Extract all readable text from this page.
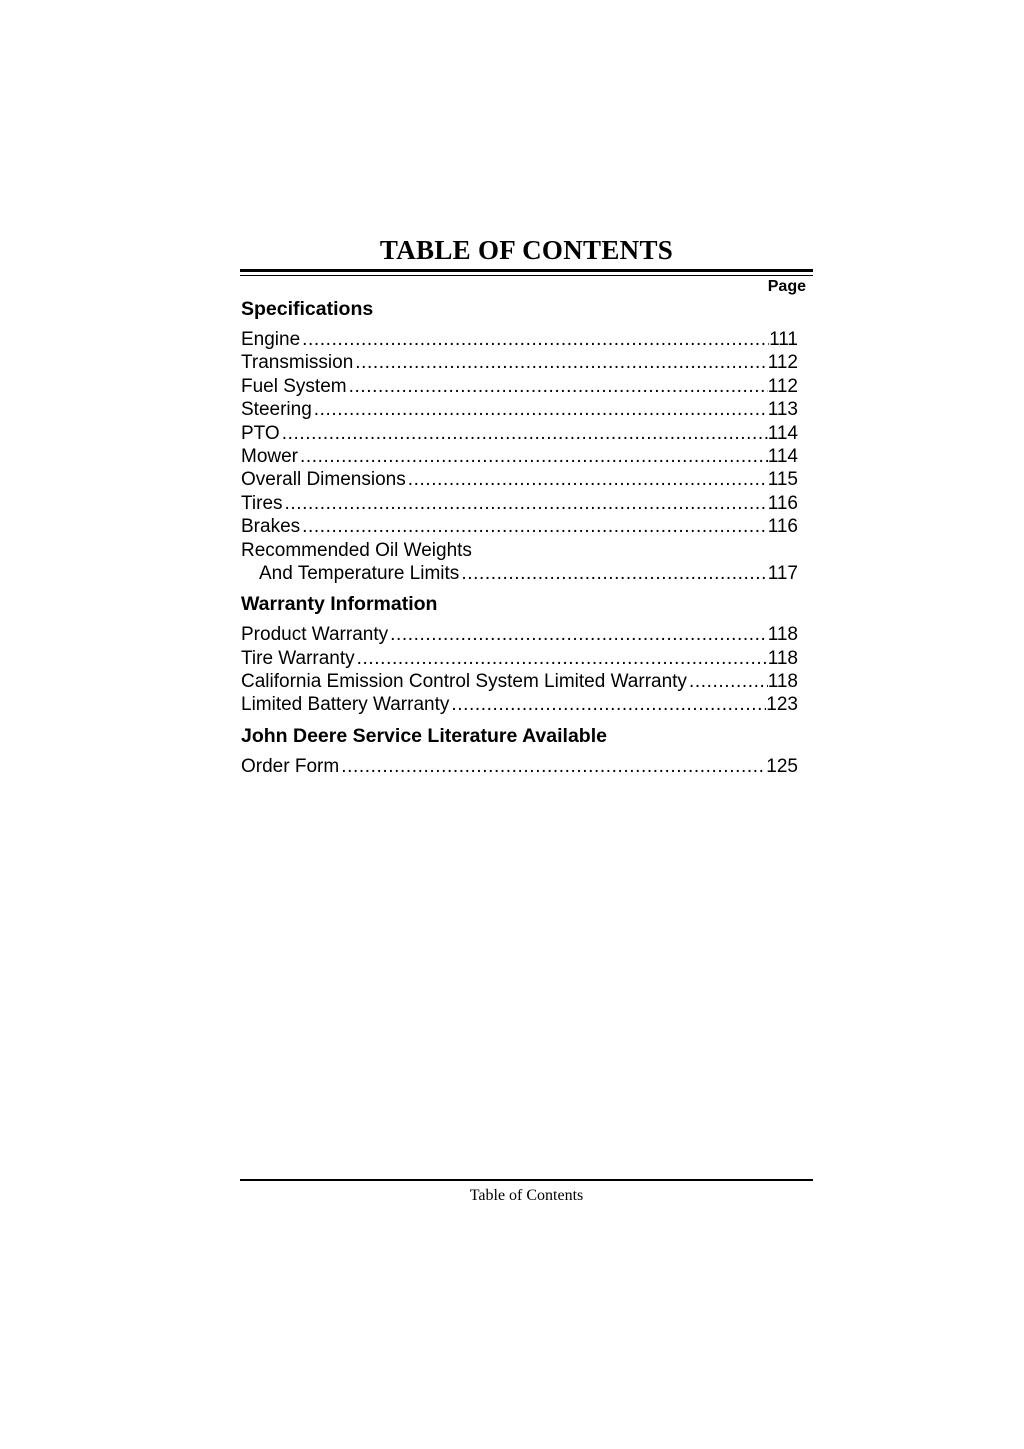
TABLE OF CONTENTS
Page
Specifications
Engine .....	111
Transmission .....	112
Fuel System .....	112
Steering .....	113
PTO .....	114
Mower .....	114
Overall Dimensions .....	115
Tires .....	116
Brakes .....	116
Recommended Oil Weights
And Temperature Limits .....	117
Warranty Information
Product Warranty .....	118
Tire Warranty .....	118
California Emission Control System Limited Warranty .....	118
Limited Battery Warranty .....	123
John Deere Service Literature Available
Order Form .....	125
Table of Contents
